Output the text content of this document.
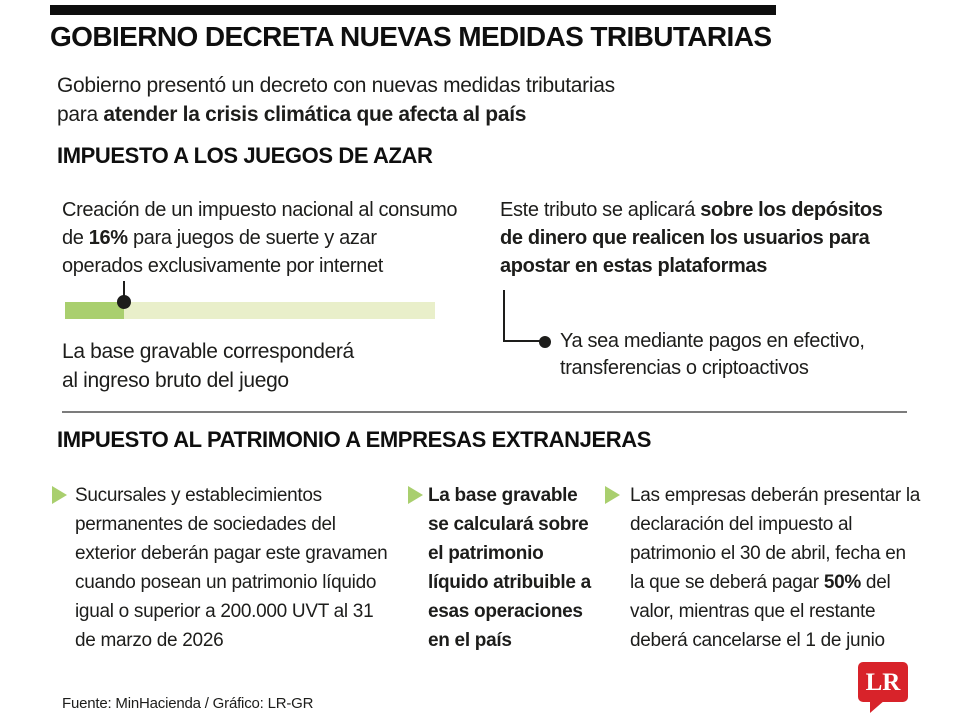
GOBIERNO DECRETA NUEVAS MEDIDAS TRIBUTARIAS
Gobierno presentó un decreto con nuevas medidas tributarias
para atender la crisis climática que afecta al país
IMPUESTO A LOS JUEGOS DE AZAR
Creación de un impuesto nacional al consumo
de 16% para juegos de suerte y azar
operados exclusivamente por internet
La base gravable corresponderá
al ingreso bruto del juego
Este tributo se aplicará sobre los depósitos
de dinero que realicen los usuarios para
apostar en estas plataformas
Ya sea mediante pagos en efectivo,
transferencias o criptoactivos
IMPUESTO AL PATRIMONIO A EMPRESAS EXTRANJERAS
Sucursales y establecimientos
permanentes de sociedades del
exterior deberán pagar este gravamen
cuando posean un patrimonio líquido
igual o superior a 200.000 UVT al 31
de marzo de 2026
La base gravable
se calculará sobre
el patrimonio
líquido atribuible a
esas operaciones
en el país
Las empresas deberán presentar la
declaración del impuesto al
patrimonio el 30 de abril, fecha en
la que se deberá pagar 50% del
valor, mientras que el restante
deberá cancelarse el 1 de junio
Fuente: MinHacienda / Gráfico: LR-GR
LR
